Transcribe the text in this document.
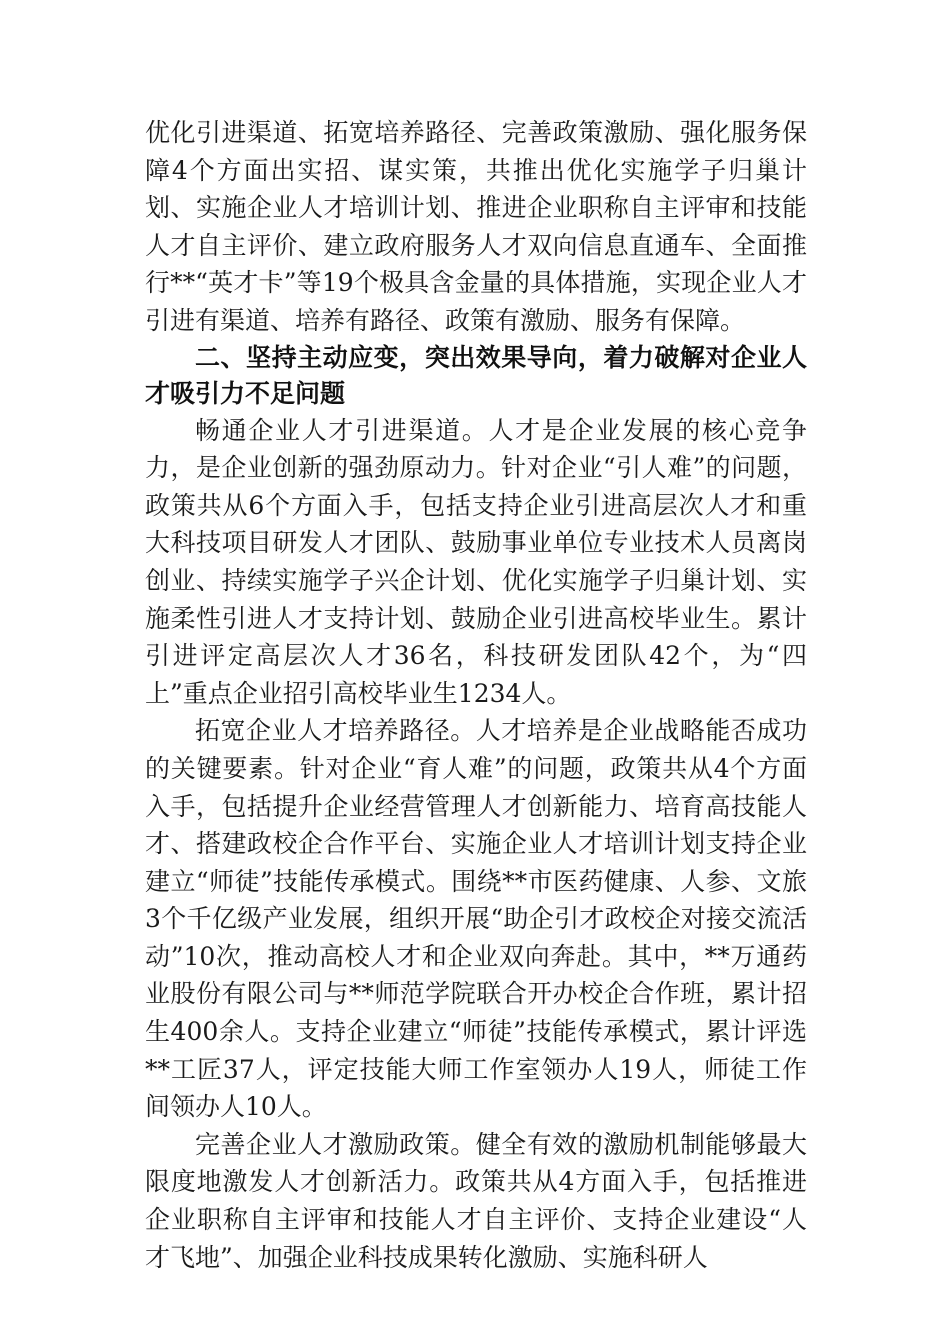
优化引进渠道、拓宽培养路径、完善政策激励、强化服务保障4个方面出实招、谋实策，共推出优化实施学子归巢计划、实施企业人才培训计划、推进企业职称自主评审和技能人才自主评价、建立政府服务人才双向信息直通车、全面推行**“英才卡”等19个极具含金量的具体措施，实现企业人才引进有渠道、培养有路径、政策有激励、服务有保障。

二、坚持主动应变，突出效果导向，着力破解对企业人才吸引力不足问题

畅通企业人才引进渠道。人才是企业发展的核心竞争力，是企业创新的强劲原动力。针对企业“引人难”的问题，政策共从6个方面入手，包括支持企业引进高层次人才和重大科技项目研发人才团队、鼓励事业单位专业技术人员离岗创业、持续实施学子兴企计划、优化实施学子归巢计划、实施柔性引进人才支持计划、鼓励企业引进高校毕业生。累计引进评定高层次人才36名，科技研发团队42个，为“四上”重点企业招引高校毕业生1234人。

拓宽企业人才培养路径。人才培养是企业战略能否成功的关键要素。针对企业“育人难”的问题，政策共从4个方面入手，包括提升企业经营管理人才创新能力、培育高技能人才、搭建政校企合作平台、实施企业人才培训计划支持企业建立“师徒”技能传承模式。围绕**市医药健康、人参、文旅3个千亿级产业发展，组织开展“助企引才政校企对接交流活动”10次，推动高校人才和企业双向奔赴。其中，**万通药业股份有限公司与**师范学院联合开办校企合作班，累计招生400余人。支持企业建立“师徒”技能传承模式，累计评选**工匠37人，评定技能大师工作室领办人19人，师徒工作间领办人10人。

完善企业人才激励政策。健全有效的激励机制能够最大限度地激发人才创新活力。政策共从4方面入手，包括推进企业职称自主评审和技能人才自主评价、支持企业建设“人才飞地”、加强企业科技成果转化激励、实施科研人
